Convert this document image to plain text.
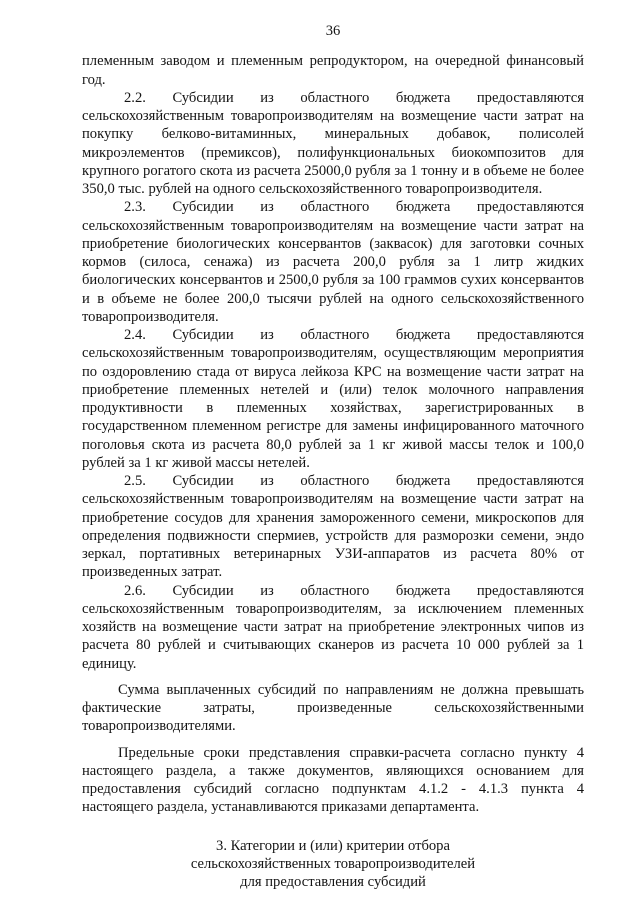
36

племенным заводом и племенным репродуктором, на очередной финансовый год.

2.2. Субсидии из областного бюджета предоставляются сельскохозяйственным товаропроизводителям на возмещение части затрат на покупку белково-витаминных, минеральных добавок, полисолей микроэлементов (премиксов), полифункциональных биокомпозитов для крупного рогатого скота из расчета 25000,0 рубля за 1 тонну и в объеме не более 350,0 тыс. рублей на одного сельскохозяйственного товаропроизводителя.

2.3. Субсидии из областного бюджета предоставляются сельскохозяйственным товаропроизводителям на возмещение части затрат на приобретение биологических консервантов (заквасок) для заготовки сочных кормов (силоса, сенажа) из расчета 200,0 рубля за 1 литр жидких биологических консервантов и 2500,0 рубля за 100 граммов сухих консервантов и в объеме не более 200,0 тысячи рублей на одного сельскохозяйственного товаропроизводителя.

2.4. Субсидии из областного бюджета предоставляются сельскохозяйственным товаропроизводителям, осуществляющим мероприятия по оздоровлению стада от вируса лейкоза КРС на возмещение части затрат на приобретение племенных нетелей и (или) телок молочного направления продуктивности в племенных хозяйствах, зарегистрированных в государственном племенном регистре для замены инфицированного маточного поголовья скота из расчета 80,0 рублей за 1 кг живой массы телок и 100,0 рублей за 1 кг живой массы нетелей.

2.5. Субсидии из областного бюджета предоставляются сельскохозяйственным товаропроизводителям на возмещение части затрат на приобретение сосудов для хранения замороженного семени, микроскопов для определения подвижности спермиев, устройств для разморозки семени, эндо зеркал, портативных ветеринарных УЗИ-аппаратов из расчета 80% от произведенных затрат.

2.6. Субсидии из областного бюджета предоставляются сельскохозяйственным товаропроизводителям, за исключением племенных хозяйств на возмещение части затрат на приобретение электронных чипов из расчета 80 рублей и считывающих сканеров из расчета 10 000 рублей за 1 единицу.

Сумма выплаченных субсидий по направлениям не должна превышать фактические затраты, произведенные сельскохозяйственными товаропроизводителями.

Предельные сроки представления справки-расчета согласно пункту 4 настоящего раздела, а также документов, являющихся основанием для предоставления субсидий согласно подпунктам 4.1.2 - 4.1.3 пункта 4 настоящего раздела, устанавливаются приказами департамента.

3. Категории и (или) критерии отбора
сельскохозяйственных товаропроизводителей
для предоставления субсидий
